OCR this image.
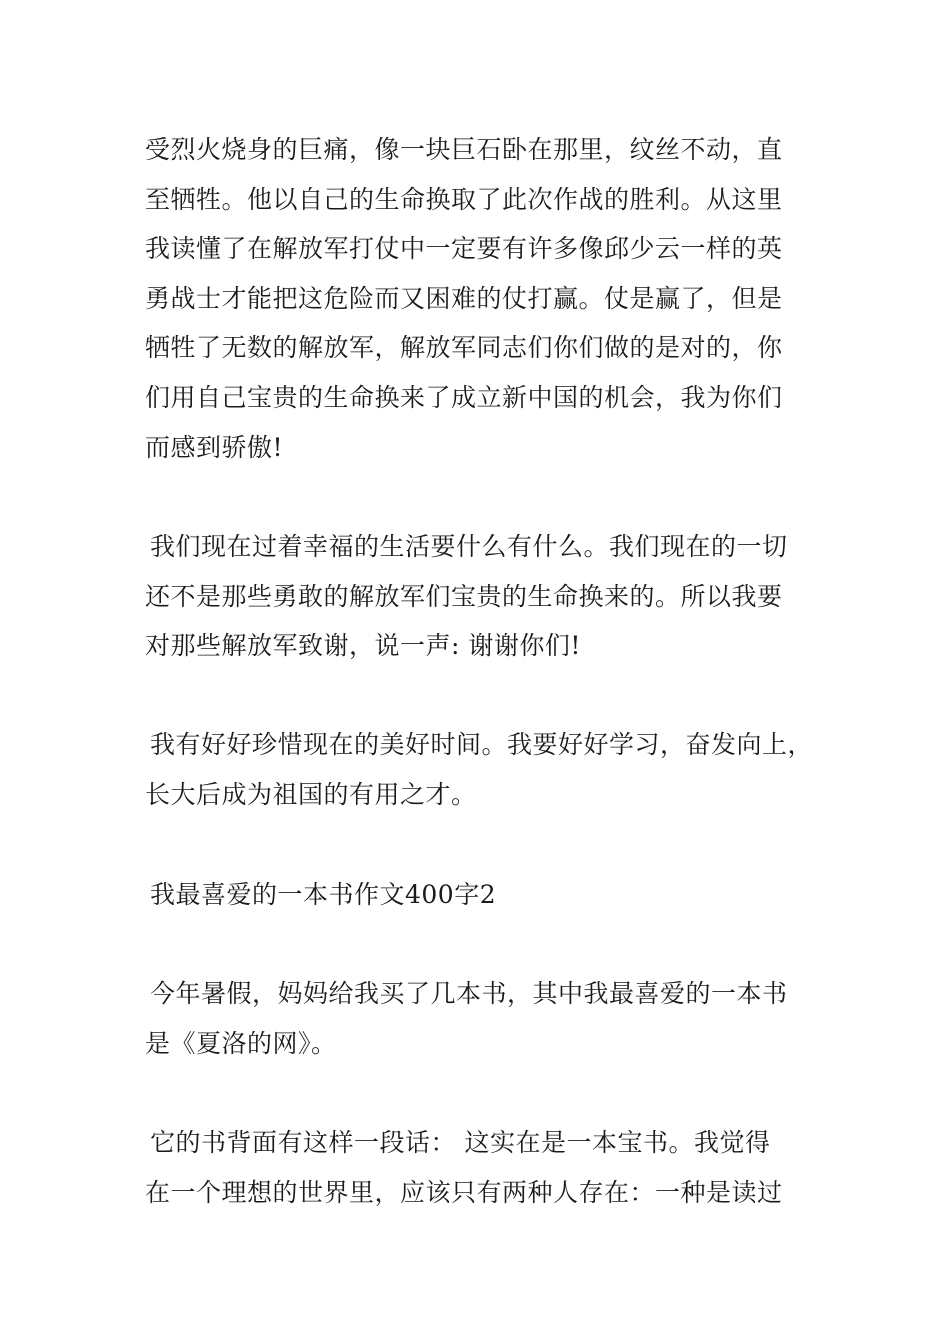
受烈火烧身的巨痛，像一块巨石卧在那里，纹丝不动，直
至牺牲。他以自己的生命换取了此次作战的胜利。从这里
我读懂了在解放军打仗中一定要有许多像邱少云一样的英
勇战士才能把这危险而又困难的仗打赢。仗是赢了，但是
牺牲了无数的解放军，解放军同志们你们做的是对的，你
们用自己宝贵的生命换来了成立新中国的机会，我为你们
而感到骄傲!
我们现在过着幸福的生活要什么有什么。我们现在的一切
还不是那些勇敢的解放军们宝贵的生命换来的。所以我要
对那些解放军致谢，说一声: 谢谢你们!
我有好好珍惜现在的美好时间。我要好好学习，奋发向上，
长大后成为祖国的有用之才。
我最喜爱的一本书作文400字2
今年暑假，妈妈给我买了几本书，其中我最喜爱的一本书
是《夏洛的网》。
它的书背面有这样一段话： 这实在是一本宝书。我觉得
在一个理想的世界里，应该只有两种人存在：一种是读过
